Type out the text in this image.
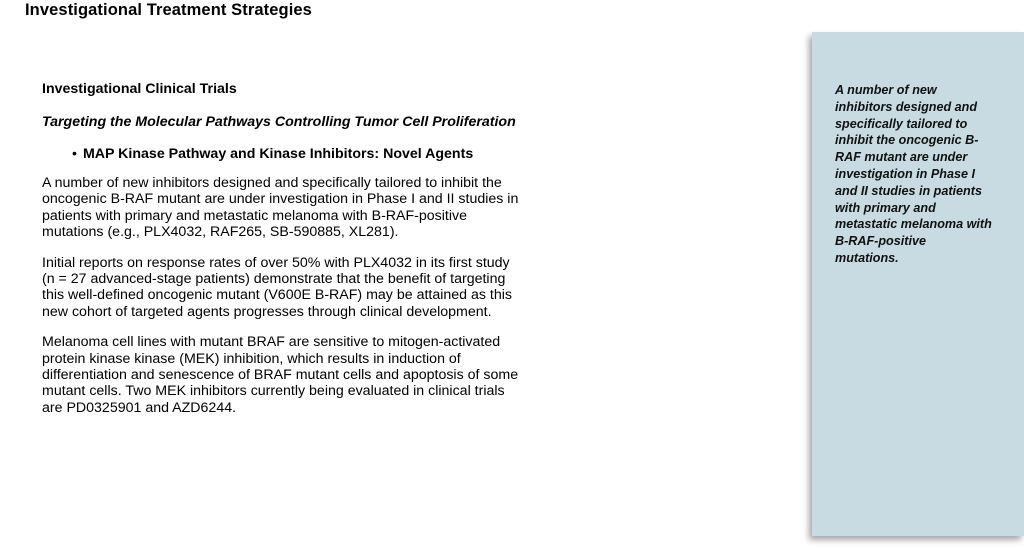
Investigational Treatment Strategies
Investigational Clinical Trials
Targeting the Molecular Pathways Controlling Tumor Cell Proliferation
• MAP Kinase Pathway and Kinase Inhibitors: Novel Agents

A number of new inhibitors designed and specifically tailored to inhibit the oncogenic B-RAF mutant are under investigation in Phase I and II studies in patients with primary and metastatic melanoma with B-RAF-positive mutations (e.g., PLX4032, RAF265, SB-590885, XL281).

Initial reports on response rates of over 50% with PLX4032 in its first study (n = 27 advanced-stage patients) demonstrate that the benefit of targeting this well-defined oncogenic mutant (V600E B-RAF) may be attained as this new cohort of targeted agents progresses through clinical development.

Melanoma cell lines with mutant BRAF are sensitive to mitogen-activated protein kinase kinase (MEK) inhibition, which results in induction of differentiation and senescence of BRAF mutant cells and apoptosis of some mutant cells. Two MEK inhibitors currently being evaluated in clinical trials are PD0325901 and AZD6244.

A number of new inhibitors designed and specifically tailored to inhibit the oncogenic B-RAF mutant are under investigation in Phase I and II studies in patients with primary and metastatic melanoma with B-RAF-positive mutations.
